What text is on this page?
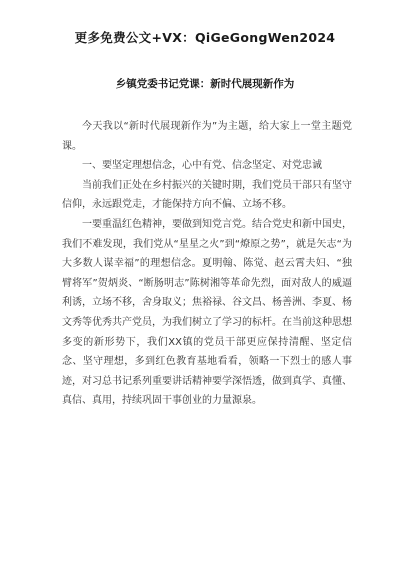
更多免费公文+VX：QiGeGongWen2024
乡镇党委书记党课：新时代展现新作为

今天我以“新时代展现新作为”为主题，给大家上一堂主题党课。

一、要坚定理想信念，心中有党、信念坚定、对党忠诚

当前我们正处在乡村振兴的关键时期，我们党员干部只有坚守信仰，永远跟党走，才能保持方向不偏、立场不移。

一要重温红色精神，要做到知党言党。结合党史和新中国史，我们不难发现，我们党从“星星之火”到“燎原之势”，就是矢志“为大多数人谋幸福”的理想信念。夏明翰、陈觉、赵云霄夫妇、“独臂将军”贺炳炎、“断肠明志”陈树湘等革命先烈，面对敌人的威逼利诱，立场不移，舍身取义；焦裕禄、谷文昌、杨善洲、李夏、杨文秀等优秀共产党员，为我们树立了学习的标杆。在当前这种思想多变的新形势下，我们XX镇的党员干部更应保持清醒、坚定信念、坚守理想，多到红色教育基地看看，领略一下烈士的感人事迹，对习总书记系列重要讲话精神要学深悟透，做到真学、真懂、真信、真用，持续巩固干事创业的力量源泉。
